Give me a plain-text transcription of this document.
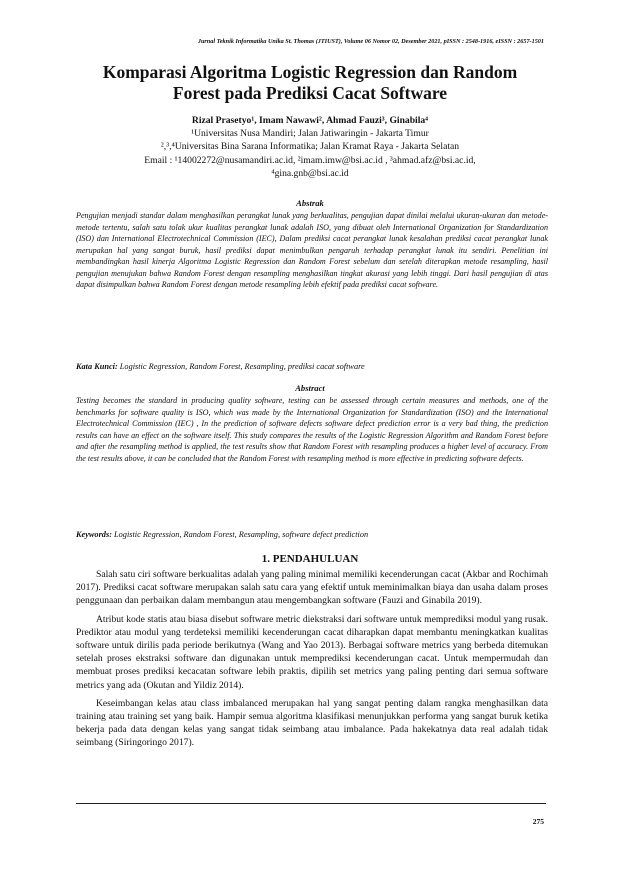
Jurnal Teknik Informatika Unika St. Thomas (JTIUST), Volume 06 Nomor 02, Desember 2021, pISSN : 2548-1916, eISSN : 2657-1501
Komparasi Algoritma Logistic Regression dan Random
Forest pada Prediksi Cacat Software
Rizal Prasetyo¹, Imam Nawawi², Ahmad Fauzi³, Ginabila⁴
¹Universitas Nusa Mandiri; Jalan Jatiwaringin - Jakarta Timur
²,³,⁴Universitas Bina Sarana Informatika; Jalan Kramat Raya - Jakarta Selatan
Email : ¹14002272@nusamandiri.ac.id, ²imam.imw@bsi.ac.id , ³ahmad.afz@bsi.ac.id,
⁴gina.gnb@bsi.ac.id
Abstrak
Pengujian menjadi standar dalam menghasilkan perangkat lunak yang berkualitas, pengujian dapat dinilai melalui ukuran-ukuran dan metode-metode tertentu, salah satu tolak ukur kualitas perangkat lunak adalah ISO, yang dibuat oleh International Organization for Standardization (ISO) dan International Electrotechnical Commission (IEC), Dalam prediksi cacat perangkat lunak kesalahan prediksi cacat perangkat lunak merupakan hal yang sangat buruk, hasil prediksi dapat menimbulkan pengaruh terhadap perangkat lunak itu sendiri. Penelitian ini membandingkan hasil kinerja Algoritma Logistic Regression dan Random Forest sebelum dan setelah diterapkan metode resampling, hasil pengujian menujukan bahwa Random Forest dengan resampling menghasilkan tingkat akurasi yang lebih tinggi. Dari hasil pengujian di atas dapat disimpulkan bahwa Random Forest dengan metode resampling lebih efektif pada prediksi cacat software.
Kata Kunci: Logistic Regression, Random Forest, Resampling, prediksi cacat software
Abstract
Testing becomes the standard in producing quality software, testing can be assessed through certain measures and methods, one of the benchmarks for software quality is ISO, which was made by the International Organization for Standardization (ISO) and the International Electrotechnical Commission (IEC) , In the prediction of software defects software defect prediction error is a very bad thing, the prediction results can have an effect on the software itself. This study compares the results of the Logistic Regression Algorithm and Random Forest before and after the resampling method is applied, the test results show that Random Forest with resampling produces a higher level of accuracy. From the test results above, it can be concluded that the Random Forest with resampling method is more effective in predicting software defects.
Keywords: Logistic Regression, Random Forest, Resampling, software defect prediction
1. PENDAHULUAN

Salah satu ciri software berkualitas adalah yang paling minimal memiliki kecenderungan cacat (Akbar and Rochimah 2017). Prediksi cacat software merupakan salah satu cara yang efektif untuk meminimalkan biaya dan usaha dalam proses penggunaan dan perbaikan dalam membangun atau mengembangkan software (Fauzi and Ginabila 2019).

Atribut kode statis atau biasa disebut software metric diekstraksi dari software untuk memprediksi modul yang rusak. Prediktor atau modul yang terdeteksi memiliki kecenderungan cacat diharapkan dapat membantu meningkatkan kualitas software untuk dirilis pada periode berikutnya (Wang and Yao 2013). Berbagai software metrics yang berbeda ditemukan setelah proses ekstraksi software dan digunakan untuk memprediksi kecenderungan cacat. Untuk mempermudah dan membuat proses prediksi kecacatan software lebih praktis, dipilih set metrics yang paling penting dari semua software metrics yang ada (Okutan and Yildiz 2014).

Keseimbangan kelas atau class imbalanced merupakan hal yang sangat penting dalam rangka menghasilkan data training atau training set yang baik. Hampir semua algoritma klasifikasi menunjukkan performa yang sangat buruk ketika bekerja pada data dengan kelas yang sangat tidak seimbang atau imbalance. Pada hakekatnya data real adalah tidak seimbang (Siringoringo 2017).

275
